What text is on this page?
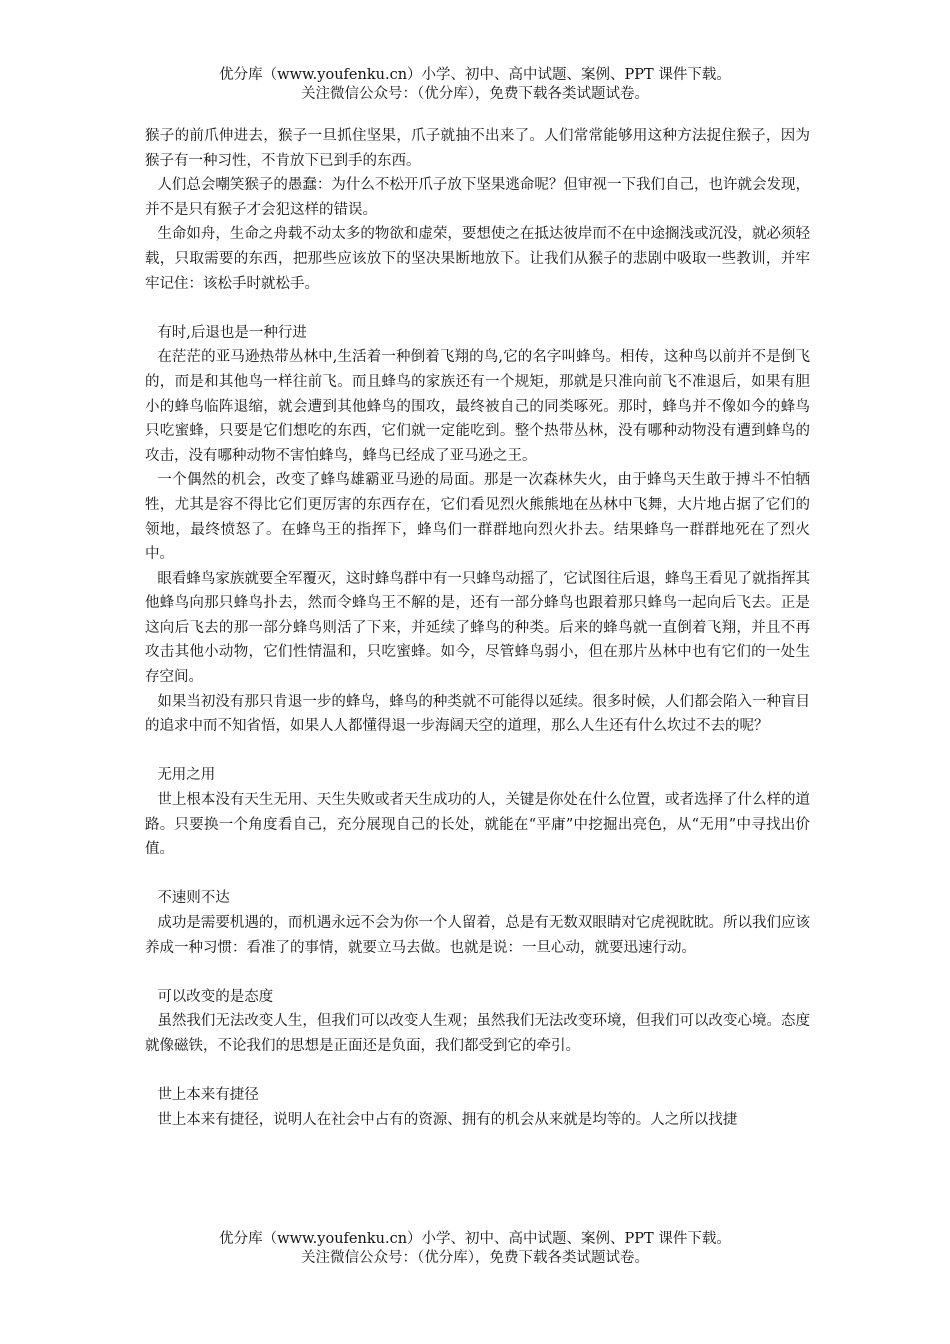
优分库（www.youfenku.cn）小学、初中、高中试题、案例、PPT 课件下载。
关注微信公众号：（优分库），免费下载各类试题试卷。

猴子的前爪伸进去，猴子一旦抓住坚果，爪子就抽不出来了。人们常常能够用这种方法捉住猴子，因为猴子有一种习性，不肯放下已到手的东西。

人们总会嘲笑猴子的愚蠢：为什么不松开爪子放下坚果逃命呢？但审视一下我们自己，也许就会发现，并不是只有猴子才会犯这样的错误。

生命如舟，生命之舟载不动太多的物欲和虚荣，要想使之在抵达彼岸而不在中途搁浅或沉没，就必须轻载，只取需要的东西，把那些应该放下的坚决果断地放下。让我们从猴子的悲剧中吸取一些教训，并牢牢记住：该松手时就松手。

有时,后退也是一种行进

在茫茫的亚马逊热带丛林中,生活着一种倒着飞翔的鸟,它的名字叫蜂鸟。相传，这种鸟以前并不是倒飞的，而是和其他鸟一样往前飞。而且蜂鸟的家族还有一个规矩，那就是只准向前飞不准退后，如果有胆小的蜂鸟临阵退缩，就会遭到其他蜂鸟的围攻，最终被自己的同类啄死。那时，蜂鸟并不像如今的蜂鸟只吃蜜蜂，只要是它们想吃的东西，它们就一定能吃到。整个热带丛林，没有哪种动物没有遭到蜂鸟的攻击，没有哪种动物不害怕蜂鸟，蜂鸟已经成了亚马逊之王。

一个偶然的机会，改变了蜂鸟雄霸亚马逊的局面。那是一次森林失火，由于蜂鸟天生敢于搏斗不怕牺牲，尤其是容不得比它们更厉害的东西存在，它们看见烈火熊熊地在丛林中飞舞，大片地占据了它们的领地，最终愤怒了。在蜂鸟王的指挥下，蜂鸟们一群群地向烈火扑去。结果蜂鸟一群群地死在了烈火中。

眼看蜂鸟家族就要全军覆灭，这时蜂鸟群中有一只蜂鸟动摇了，它试图往后退，蜂鸟王看见了就指挥其他蜂鸟向那只蜂鸟扑去，然而令蜂鸟王不解的是，还有一部分蜂鸟也跟着那只蜂鸟一起向后飞去。正是这向后飞去的那一部分蜂鸟则活了下来，并延续了蜂鸟的种类。后来的蜂鸟就一直倒着飞翔，并且不再攻击其他小动物，它们性情温和，只吃蜜蜂。如今，尽管蜂鸟弱小，但在那片丛林中也有它们的一处生存空间。

如果当初没有那只肯退一步的蜂鸟，蜂鸟的种类就不可能得以延续。很多时候，人们都会陷入一种盲目的追求中而不知省悟，如果人人都懂得退一步海阔天空的道理，那么人生还有什么坎过不去的呢？

无用之用

世上根本没有天生无用、天生失败或者天生成功的人，关键是你处在什么位置，或者选择了什么样的道路。只要换一个角度看自己，充分展现自己的长处，就能在“平庸”中挖掘出亮色，从“无用”中寻找出价值。

不速则不达

成功是需要机遇的，而机遇永远不会为你一个人留着，总是有无数双眼睛对它虎视眈眈。所以我们应该养成一种习惯：看准了的事情，就要立马去做。也就是说：一旦心动，就要迅速行动。

可以改变的是态度

虽然我们无法改变人生，但我们可以改变人生观；虽然我们无法改变环境，但我们可以改变心境。态度就像磁铁，不论我们的思想是正面还是负面，我们都受到它的牵引。

世上本来有捷径

世上本来有捷径，说明人在社会中占有的资源、拥有的机会从来就是均等的。人之所以找捷

优分库（www.youfenku.cn）小学、初中、高中试题、案例、PPT 课件下载。
关注微信公众号：（优分库），免费下载各类试题试卷。
